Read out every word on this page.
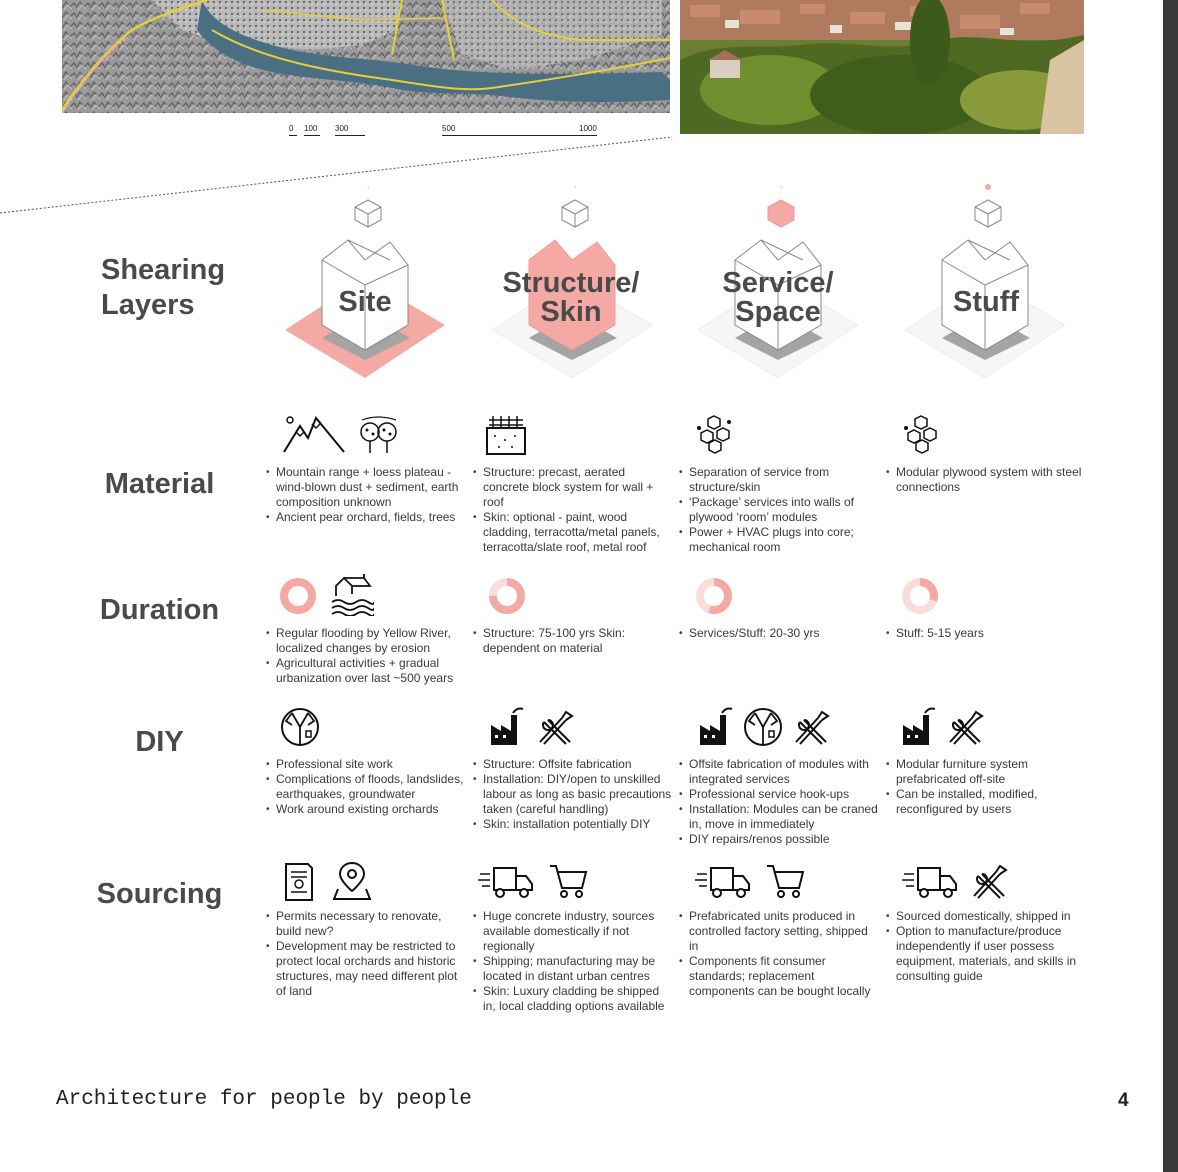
0 100 300	500	1000
Shearing Layers
Material
Duration
DIY
Sourcing
↑	↑	↑
Site
Structure/
Skin
Service/
Space	Stuff
• Mountain range + loess plateau - wind-blown dust + sediment, earth composition unknown
• Ancient pear orchard, fields, trees
• Structure: precast, aerated concrete block system for wall + roof
• Skin: optional - paint, wood cladding, terracotta/metal panels, terracotta/slate roof, metal roof
• Separation of service from structure/skin
• ‘Package’ services into walls of plywood ‘room’ modules
• Power + HVAC plugs into core; mechanical room
• Modular plywood system with steel connections
• Regular flooding by Yellow River, localized changes by erosion
• Agricultural activities + gradual urbanization over last ~500 years
• Structure: 75-100 yrs Skin: dependent on material
• Services/Stuff: 20-30 yrs
•	Stuff: 5-15 years
• Professional site work
• Complications of floods, landslides, earthquakes, groundwater
• Work around existing orchards
• Structure: Offsite fabrication
• Installation: DIY/open to unskilled labour as long as basic precautions taken (careful handling)
• Skin: installation potentially DIY
• Offsite fabrication of modules with integrated services
• Professional service hook-ups
• Installation: Modules can be craned in, move in immediately
• DIY repairs/renos possible
• Modular furniture system prefabricated off-site
• Can be installed, modified, reconfigured by users
• Permits necessary to renovate, build new?
• Development may be restricted to protect local orchards and historic structures, may need different plot of land
• Huge concrete industry, sources available domestically if not regionally
• Shipping; manufacturing may be located in distant urban centres
• Skin: Luxury cladding be shipped in, local cladding options available
• Prefabricated units produced in controlled factory setting, shipped in
• Components fit consumer standards; replacement components can be bought locally
• Sourced domestically, shipped in
• Option to manufacture/produce independently if user possess equipment, materials, and skills in consulting guide
Architecture for people by people	4
